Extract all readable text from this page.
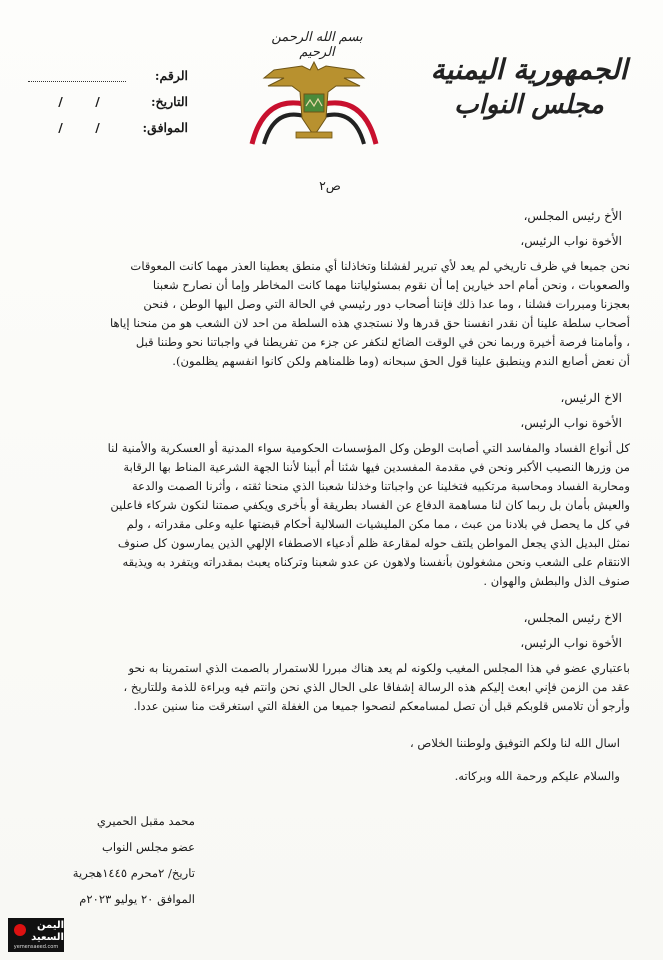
بسم الله الرحمن الرحيم
الجمهورية اليمنية
مجلس النواب
الرقم:
التاريخ:
/
/
الموافق:
/
/
ص٢
الأخ رئيس المجلس،
الأخوة نواب الرئيس،

نحن جميعا في ظرف تاريخي لم يعد لأي تبرير لفشلنا وتخاذلنا أي منطق يعطينا العذر مهما كانت المعوقات

والصعوبات ، ونحن أمام احد خيارين إما أن نقوم بمسئولياتنا مهما كانت المخاطر وإما أن نصارح شعبنا

بعجزنا ومبررات فشلنا ، وما عدا ذلك فإننا أصحاب دور رئيسي في الحالة التي وصل اليها الوطن ، فنحن

أصحاب سلطة علينا أن نقدر انفسنا حق قدرها ولا نستجدي هذه السلطة من احد لان الشعب هو من منحنا إياها

، وأمامنا فرصة أخيرة وربما نحن في الوقت الضائع لنكفر عن جزء من تفريطنا في واجباتنا نحو وطننا قبل

أن نعض أصابع الندم وينطبق علينا قول الحق سبحانه (وما ظلمناهم ولكن كانوا انفسهم يظلمون).

الاخ الرئيس،
الأخوة نواب الرئيس،

كل أنواع الفساد والمفاسد التي أصابت الوطن وكل المؤسسات الحكومية سواء المدنية أو العسكرية والأمنية لنا

من وزرها النصيب الأكبر ونحن في مقدمة المفسدين فيها شئنا أم أبينا لأننا الجهة الشرعية المناط بها الرقابة

ومحاربة الفساد ومحاسبة مرتكبيه فتخلينا عن واجباتنا وخذلنا شعبنا الذي منحنا ثقته ، وأثرنا الصمت والدعة

والعيش بأمان بل ربما كان لنا مساهمة الدفاع عن الفساد بطريقة أو بأخرى ويكفي صمتنا لنكون شركاء فاعلين

في كل ما يحصل في بلادنا من عبث ، مما مكن المليشيات السلالية أحكام قبضتها عليه وعلى مقدراته ، ولم

نمثل البديل الذي يجعل المواطن يلتف حوله لمقارعة ظلم أدعياء الاصطفاء الإلهي الذين يمارسون كل صنوف

الانتقام على الشعب ونحن مشغولون بأنفسنا ولاهون عن عدو شعبنا وتركناه يعبث بمقدراته ويتفرد به ويذيقه

صنوف الذل والبطش والهوان .

الاخ رئيس المجلس،
الأخوة نواب الرئيس،

باعتباري عضو في هذا المجلس المغيب ولكونه لم يعد هناك مبررا للاستمرار بالصمت الذي استمرينا به نحو

عقد من الزمن فإني ابعث إليكم هذه الرسالة إشفاقا على الحال الذي نحن وانتم فيه وبراءة للذمة وللتاريخ ،

وأرجو أن تلامس قلوبكم قبل أن تصل لمسامعكم لنصحوا جميعا من الغفلة التي استغرقت منا سنين عددا.

اسال الله لنا ولكم التوفيق ولوطننا الخلاص ،

والسلام عليكم ورحمة الله وبركاته.

محمد مقبل الحميري
عضو مجلس النواب
تاريخ/ ٢محرم ١٤٤٥هجرية
الموافق ٢٠ يوليو ٢٠٢٣م
اليمن السعيد
yemensaeed.com
